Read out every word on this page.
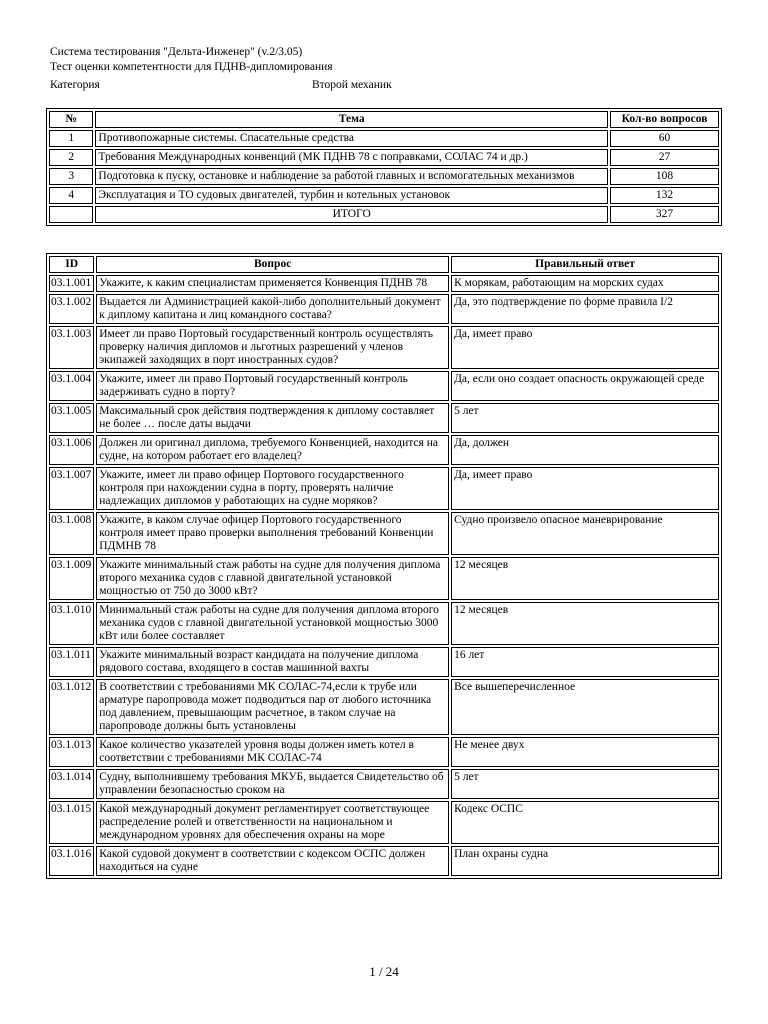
Система тестирования "Дельта-Инженер" (v.2/3.05)
Тест оценки компетентности для ПДНВ-дипломирования
Категория	Второй механик
№	Тема	Кол-во вопросов
1	Противопожарные системы. Спасательные средства	60
2	Требования Международных конвенций (МК ПДНВ 78 с поправками, СОЛАС 74 и др.)	27
3	Подготовка к пуску, остановке и наблюдение за работой главных и вспомогательных механизмов	108
4	Эксплуатация и ТО судовых двигателей, турбин и котельных установок	132
	ИТОГО	327
ID	Вопрос	Правильный ответ
03.1.001	Укажите, к каким специалистам применяется Конвенция ПДНВ 78	К морякам, работающим на морских судах
03.1.002	Выдается ли Администрацией какой-либо дополнительный документ к диплому капитана и лиц командного состава?	Да, это подтверждение по форме правила I/2
03.1.003	Имеет ли право Портовый государственный контроль осуществлять проверку наличия дипломов и льготных разрешений у членов экипажей заходящих в порт иностранных судов?	Да, имеет право
03.1.004	Укажите, имеет ли право Портовый государственный контроль задерживать судно в порту?	Да, если оно создает опасность окружающей среде
03.1.005	Максимальный срок действия подтверждения к диплому составляет не более … после даты выдачи	5 лет
03.1.006	Должен ли оригинал диплома, требуемого Конвенцией, находится на судне, на котором работает его владелец?	Да, должен
03.1.007	Укажите, имеет ли право офицер Портового государственного контроля при нахождении судна в порту, проверять наличие надлежащих дипломов у работающих на судне моряков?	Да, имеет право
03.1.008	Укажите, в каком случае офицер Портового государственного контроля имеет право проверки выполнения требований Конвенции ПДМНВ 78	Судно произвело опасное маневрирование
03.1.009	Укажите минимальный стаж работы на судне для получения диплома второго механика судов с главной двигательной установкой мощностью от 750 до 3000 кВт?	12 месяцев
03.1.010	Минимальный стаж работы на судне для получения диплома второго механика судов с главной двигательной установкой мощностью 3000 кВт или более составляет	12 месяцев
03.1.011	Укажите минимальный возраст кандидата на получение диплома рядового состава, входящего в состав машинной вахты	16 лет
03.1.012	В соответствии с требованиями МК СОЛАС-74,если к трубе или арматуре паропровода может подводиться пар от любого источника под давлением, превышающим расчетное, в таком случае на паропроводе должны быть установлены	Все вышеперечисленное
03.1.013	Какое количество указателей уровня воды должен иметь котел в соответствии с требованиями МК СОЛАС-74	Не менее двух
03.1.014	Судну, выполнившему требования МКУБ, выдается Свидетельство об управлении безопасностью сроком на	5 лет
03.1.015	Какой международный документ регламентирует соответствующее распределение ролей и ответственности на национальном и международном уровнях для обеспечения охраны на море	Кодекс ОСПС
03.1.016	Какой судовой документ в соответствии с кодексом ОСПС должен находиться на судне	План охраны судна
1 / 24
